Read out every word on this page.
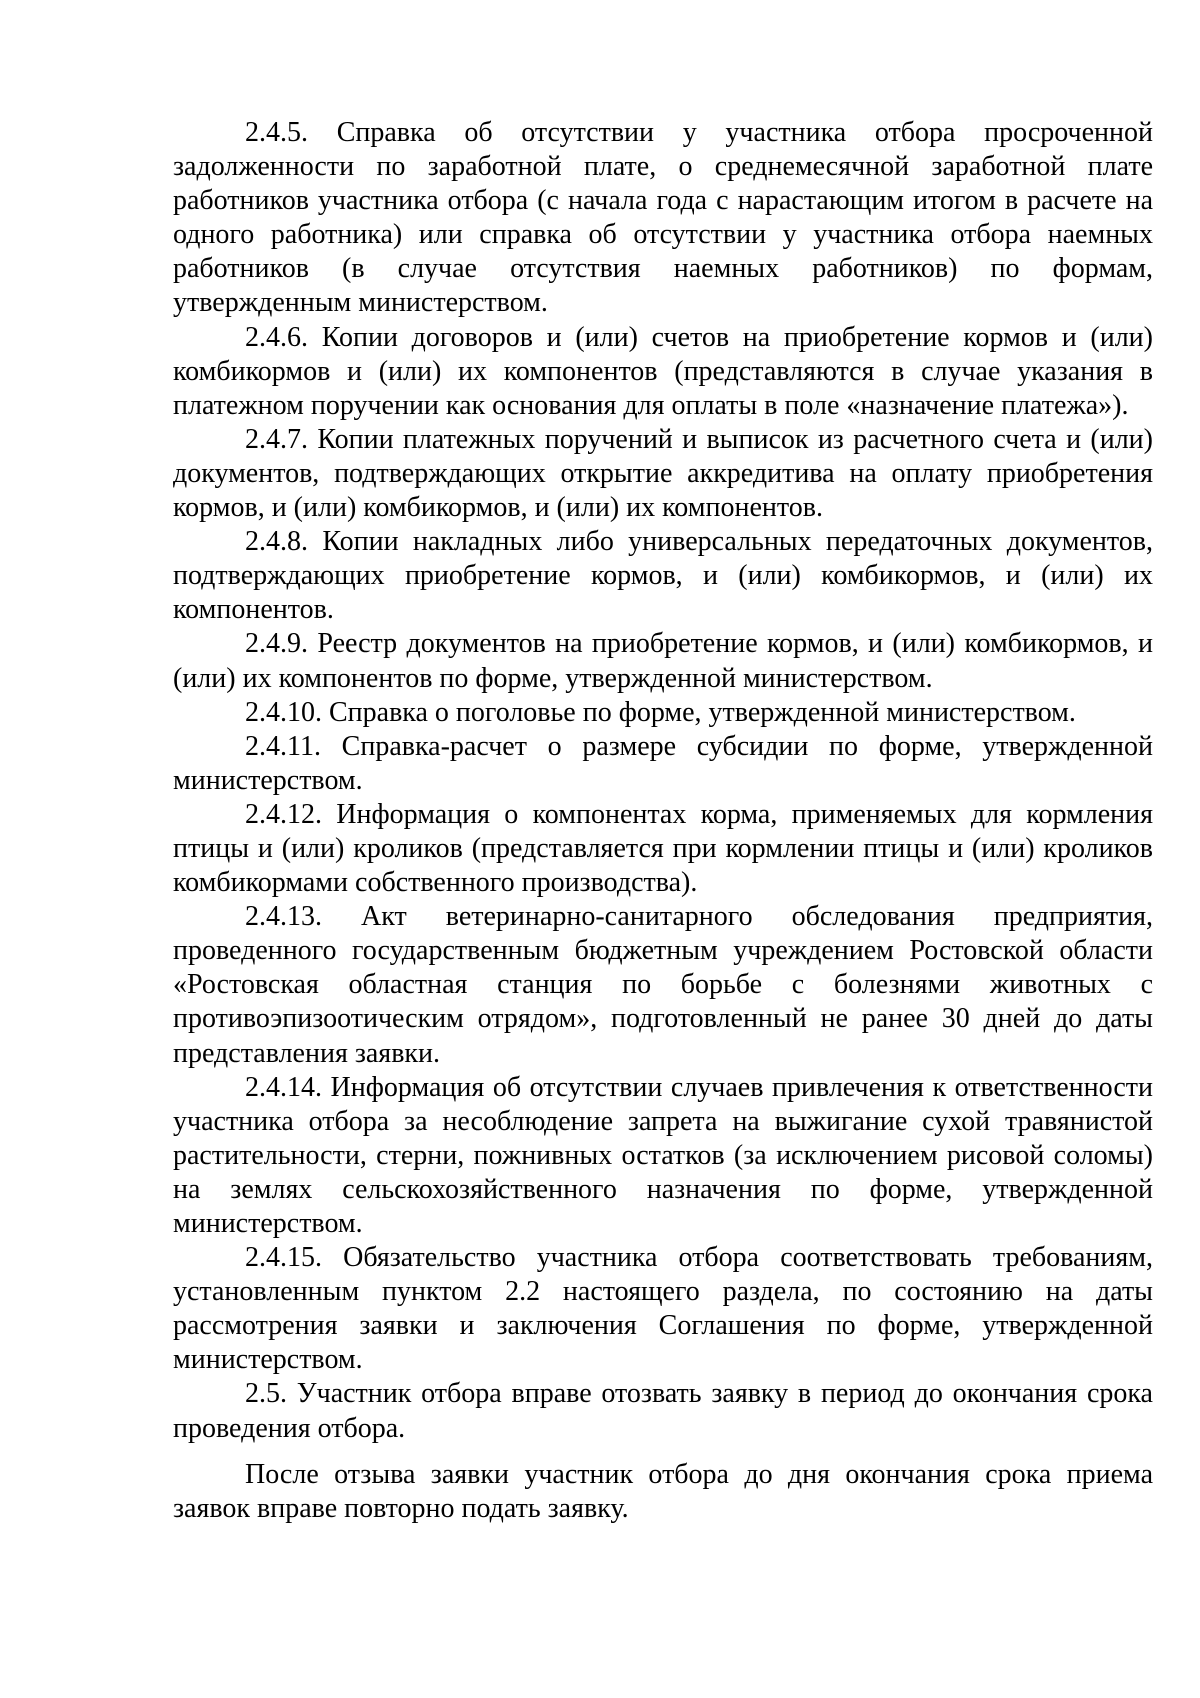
2.4.5. Справка об отсутствии у участника отбора просроченной задолженности по заработной плате, о среднемесячной заработной плате работников участника отбора (с начала года с нарастающим итогом в расчете на одного работника) или справка об отсутствии у участника отбора наемных работников (в случае отсутствия наемных работников) по формам, утвержденным министерством.

2.4.6. Копии договоров и (или) счетов на приобретение кормов и (или) комбикормов и (или) их компонентов (представляются в случае указания в платежном поручении как основания для оплаты в поле «назначение платежа»).

2.4.7. Копии платежных поручений и выписок из расчетного счета и (или) документов, подтверждающих открытие аккредитива на оплату приобретения кормов, и (или) комбикормов, и (или) их компонентов.

2.4.8. Копии накладных либо универсальных передаточных документов, подтверждающих приобретение кормов, и (или) комбикормов, и (или) их компонентов.

2.4.9. Реестр документов на приобретение кормов, и (или) комбикормов, и (или) их компонентов по форме, утвержденной министерством.

2.4.10. Справка о поголовье по форме, утвержденной министерством.

2.4.11. Справка-расчет о размере субсидии по форме, утвержденной министерством.

2.4.12. Информация о компонентах корма, применяемых для кормления птицы и (или) кроликов (представляется при кормлении птицы и (или) кроликов комбикормами собственного производства).

2.4.13. Акт ветеринарно-санитарного обследования предприятия, проведенного государственным бюджетным учреждением Ростовской области «Ростовская областная станция по борьбе с болезнями животных с противоэпизоотическим отрядом», подготовленный не ранее 30 дней до даты представления заявки.

2.4.14. Информация об отсутствии случаев привлечения к ответственности участника отбора за несоблюдение запрета на выжигание сухой травянистой растительности, стерни, пожнивных остатков (за исключением рисовой соломы) на землях сельскохозяйственного назначения по форме, утвержденной министерством.

2.4.15. Обязательство участника отбора соответствовать требованиям, установленным пунктом 2.2 настоящего раздела, по состоянию на даты рассмотрения заявки и заключения Соглашения по форме, утвержденной министерством.

2.5. Участник отбора вправе отозвать заявку в период до окончания срока проведения отбора.

После отзыва заявки участник отбора до дня окончания срока приема заявок вправе повторно подать заявку.
